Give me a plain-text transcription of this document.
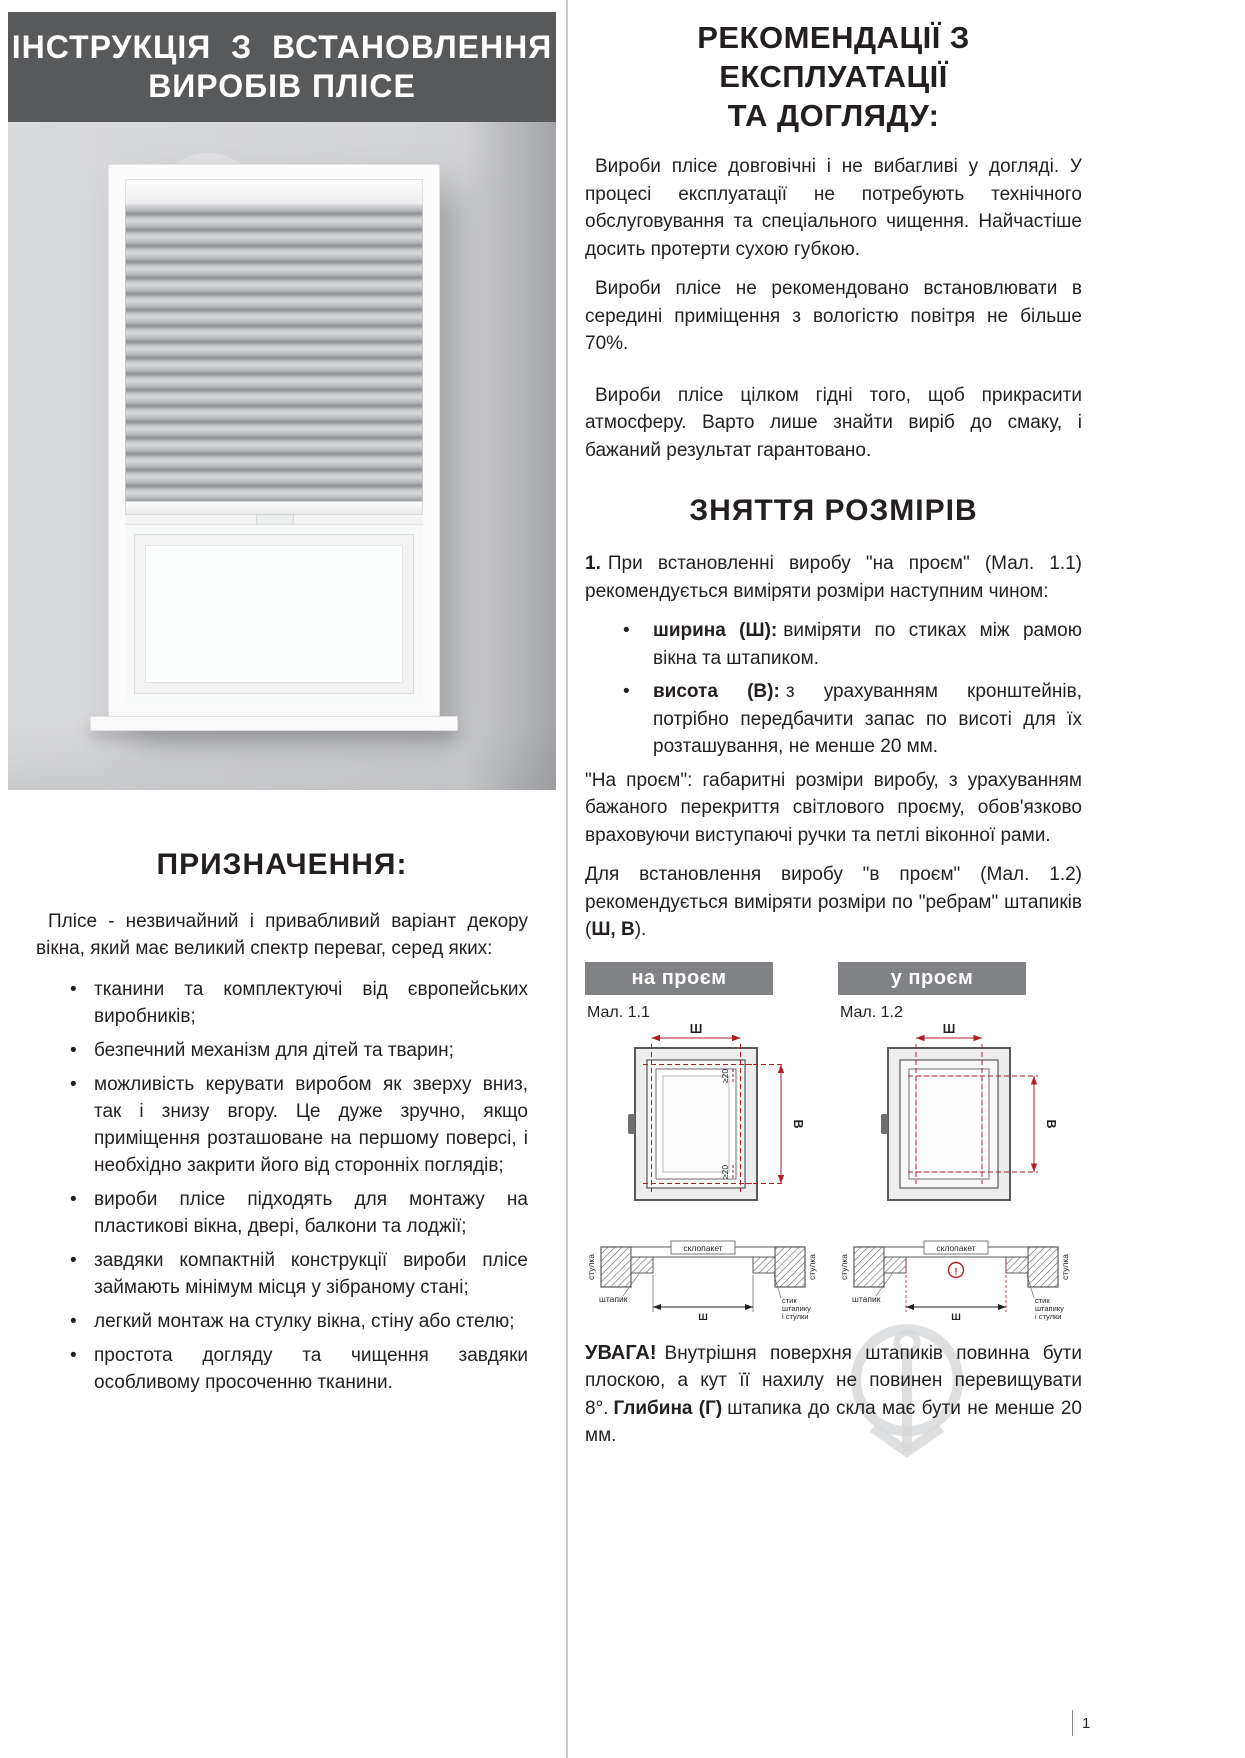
ІНСТРУКЦІЯ З ВСТАНОВЛЕННЯ
ВИРОБІВ ПЛІСЕ
ПРИЗНАЧЕННЯ:

Плісе - незвичайний і привабливий варіант декору вікна, який має великий спектр переваг, серед яких:

• тканини та комплектуючі від європейських виробників;
• безпечний механізм для дітей та тварин;
• можливість керувати виробом як зверху вниз, так і знизу вгору. Це дуже зручно, якщо приміщення розташоване на першому поверсі, і необхідно закрити його від сторонніх поглядів;
• вироби плісе підходять для монтажу на пластикові вікна, двері, балкони та лоджії;
• завдяки компактній конструкції вироби плісе займають мінімум місця у зібраному стані;
• легкий монтаж на стулку вікна, стіну або стелю;
• простота догляду та чищення завдяки особливому просоченню тканини.
РЕКОМЕНДАЦІЇ З ЕКСПЛУАТАЦІЇ
ТА ДОГЛЯДУ:

Вироби плісе довговічні і не вибагливі у догляді. У процесі експлуатації не потребують технічного обслуговування та спеціального чищення. Найчастіше досить протерти сухою губкою.

Вироби плісе не рекомендовано встановлювати в середині приміщення з вологістю повітря не більше 70%.

Вироби плісе цілком гідні того, щоб прикрасити атмосферу. Варто лише знайти виріб до смаку, і бажаний результат гарантовано.

ЗНЯТТЯ РОЗМІРІВ

1. При встановленні виробу "на проєм" (Мал. 1.1) рекомендується виміряти розміри наступним чином:

• ширина (Ш): виміряти по стиках між рамою вікна та штапиком.
• висота (В): з урахуванням кронштейнів, потрібно передбачити запас по висоті для їх розташування, не менше 20 мм.

"На проєм": габаритні розміри виробу, з урахуванням бажаного перекриття світлового проєму, обов'язково враховуючи виступаючі ручки та петлі віконної рами.

Для встановлення виробу "в проєм" (Мал. 1.2) рекомендується виміряти розміри по "ребрам" штапиків (Ш, В).

на проєм
Мал. 1.1
Ш
В
≥20
≥20
склопакет
штапик
Ш
стик
штапику
і стулки
стулка	стулка
у проєм
Мал. 1.2
Ш
В
склопакет
штапик
Ш
стик
штапику
і стулки
стулка	стулка
!

УВАГА! Внутрішня поверхня штапиків повинна бути плоскою, а кут її нахилу не повинен перевищувати 8°. Глибина (Г) штапика до скла має бути не менше 20 мм.

1
